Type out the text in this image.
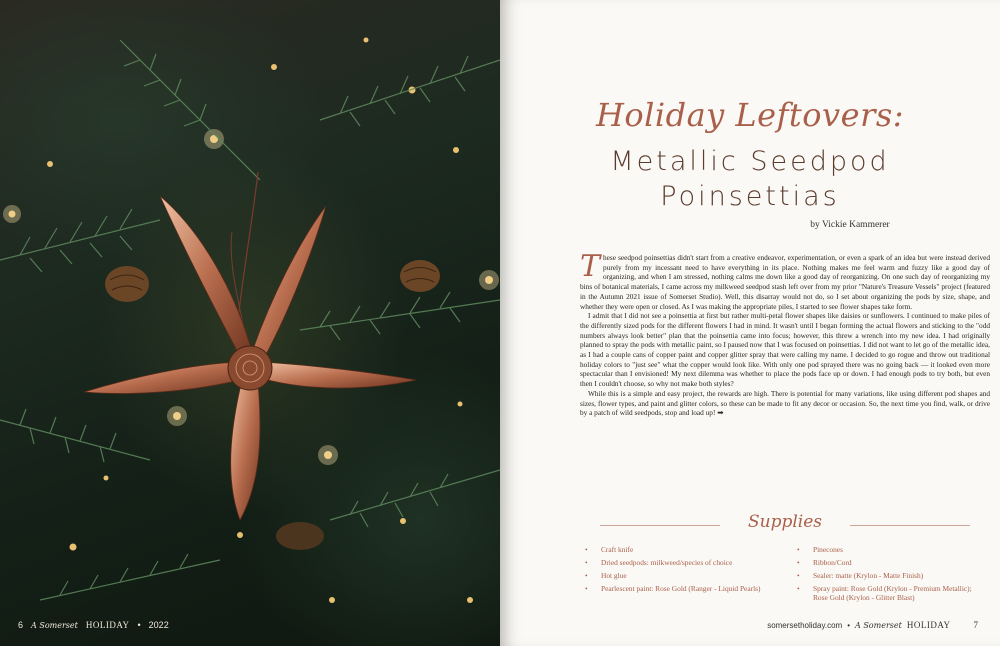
6 A Somerset HOLIDAY • 2022
Holiday Leftovers:
Metallic Seedpod
Poinsettias
by Vickie Kammerer

These seedpod poinsettias didn't start from a creative endeavor, experimentation, or even a spark of an idea but were instead derived purely from my incessant need to have everything in its place. Nothing makes me feel warm and fuzzy like a good day of organizing, and when I am stressed, nothing calms me down like a good day of reorganizing. On one such day of reorganizing my bins of botanical materials, I came across my milkweed seedpod stash left over from my prior "Nature's Treasure Vessels" project (featured in the Autumn 2021 issue of Somerset Studio). Well, this disarray would not do, so I set about organizing the pods by size, shape, and whether they were open or closed. As I was making the appropriate piles, I started to see flower shapes take form.

I admit that I did not see a poinsettia at first but rather multi-petal flower shapes like daisies or sunflowers. I continued to make piles of the differently sized pods for the different flowers I had in mind. It wasn't until I began forming the actual flowers and sticking to the "odd numbers always look better" plan that the poinsettia came into focus; however, this threw a wrench into my new idea. I had originally planned to spray the pods with metallic paint, so I paused now that I was focused on poinsettias. I did not want to let go of the metallic idea, as I had a couple cans of copper paint and copper glitter spray that were calling my name. I decided to go rogue and throw out traditional holiday colors to "just see" what the copper would look like. With only one pod sprayed there was no going back — it looked even more spectacular than I envisioned! My next dilemma was whether to place the pods face up or down. I had enough pods to try both, but even then I couldn't choose, so why not make both styles?

While this is a simple and easy project, the rewards are high. There is potential for many variations, like using different pod shapes and sizes, flower types, and paint and glitter colors, so these can be made to fit any decor or occasion. So, the next time you find, walk, or drive by a patch of wild seedpods, stop and load up! ➡

Supplies
• Craft knife
• Dried seedpods: milkweed/species of choice
• Hot glue
• Pearlescent paint: Rose Gold (Ranger - Liquid Pearls)
• Pinecones
• Ribbon/Cord
• Sealer: matte (Krylon - Matte Finish)
• Spray paint: Rose Gold (Krylon - Premium Metallic); Rose Gold (Krylon - Glitter Blast)
somersetholiday.com • A Somerset HOLIDAY	7
